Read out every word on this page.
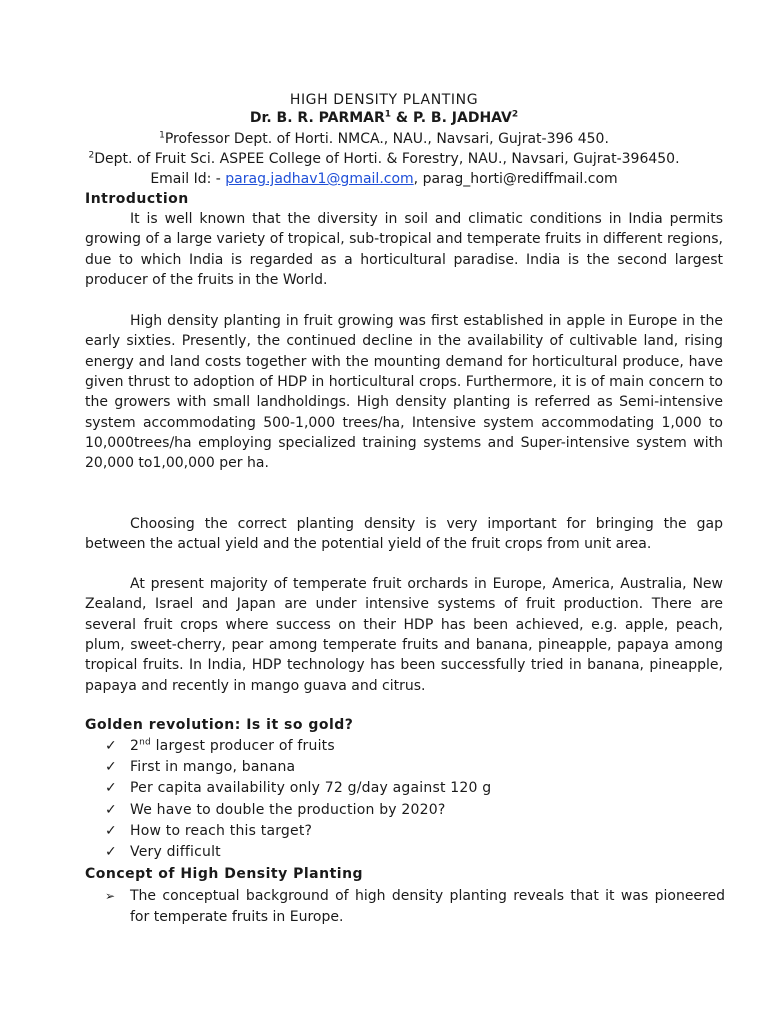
HIGH DENSITY PLANTING
Dr. B. R. PARMAR$^1$ & P. B. JADHAV$^2$
$^1$Professor Dept. of Horti. NMCA., NAU., Navsari, Gujrat-396 450.
$^2$Dept. of Fruit Sci. ASPEE College of Horti. & Forestry, NAU., Navsari, Gujrat-396450.
Email Id: - parag.jadhav1@gmail.com, parag_horti@rediffmail.com
Introduction

It is well known that the diversity in soil and climatic conditions in India permits growing of a large variety of tropical, sub-tropical and temperate fruits in different regions, due to which India is regarded as a horticultural paradise. India is the second largest producer of the fruits in the World.

High density planting in fruit growing was first established in apple in Europe in the early sixties. Presently, the continued decline in the availability of cultivable land, rising energy and land costs together with the mounting demand for horticultural produce, have given thrust to adoption of HDP in horticultural crops. Furthermore, it is of main concern to the growers with small landholdings. High density planting is referred as Semi-intensive system accommodating 500-1,000 trees/ha, Intensive system accommodating 1,000 to 10,000trees/ha employing specialized training systems and Super-intensive system with 20,000 to1,00,000 per ha.

Choosing the correct planting density is very important for bringing the gap between the actual yield and the potential yield of the fruit crops from unit area.

At present majority of temperate fruit orchards in Europe, America, Australia, New Zealand, Israel and Japan are under intensive systems of fruit production. There are several fruit crops where success on their HDP has been achieved, e.g. apple, peach, plum, sweet-cherry, pear among temperate fruits and banana, pineapple, papaya among tropical fruits. In India, HDP technology has been successfully tried in banana, pineapple, papaya and recently in mango guava and citrus.

Golden revolution: Is it so gold?
✓ 2nd largest producer of fruits
✓ First in mango, banana
✓ Per capita availability only 72 g/day against 120 g
✓ We have to double the production by 2020?
✓ How to reach this target?
✓ Very difficult
Concept of High Density Planting
➢ The conceptual background of high density planting reveals that it was pioneered for temperate fruits in Europe.
